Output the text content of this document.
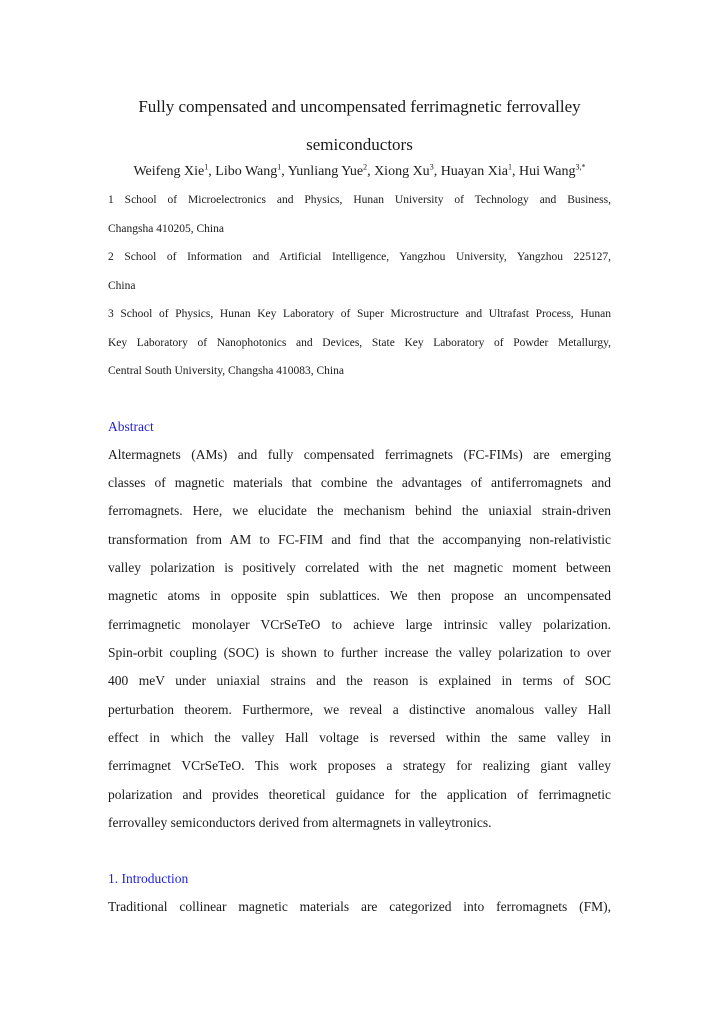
Fully compensated and uncompensated ferrimagnetic ferrovalley
semiconductors
Weifeng Xie$^1$, Libo Wang$^1$, Yunliang Yue$^2$, Xiong Xu$^3$, Huayan Xia$^1$, Hui Wang$^{3,*}$
1 School of Microelectronics and Physics, Hunan University of Technology and Business,
Changsha 410205, China
2 School of Information and Artificial Intelligence, Yangzhou University, Yangzhou 225127,
China
3 School of Physics, Hunan Key Laboratory of Super Microstructure and Ultrafast Process, Hunan
Key Laboratory of Nanophotonics and Devices, State Key Laboratory of Powder Metallurgy,
Central South University, Changsha 410083, China
Abstract
Altermagnets (AMs) and fully compensated ferrimagnets (FC-FIMs) are emerging
classes of magnetic materials that combine the advantages of antiferromagnets and
ferromagnets. Here, we elucidate the mechanism behind the uniaxial strain-driven
transformation from AM to FC-FIM and find that the accompanying non-relativistic
valley polarization is positively correlated with the net magnetic moment between
magnetic atoms in opposite spin sublattices. We then propose an uncompensated
ferrimagnetic monolayer VCrSeTeO to achieve large intrinsic valley polarization.
Spin-orbit coupling (SOC) is shown to further increase the valley polarization to over
400 meV under uniaxial strains and the reason is explained in terms of SOC
perturbation theorem. Furthermore, we reveal a distinctive anomalous valley Hall
effect in which the valley Hall voltage is reversed within the same valley in
ferrimagnet VCrSeTeO. This work proposes a strategy for realizing giant valley
polarization and provides theoretical guidance for the application of ferrimagnetic
ferrovalley semiconductors derived from altermagnets in valleytronics.
1. Introduction
Traditional collinear magnetic materials are categorized into ferromagnets (FM),
